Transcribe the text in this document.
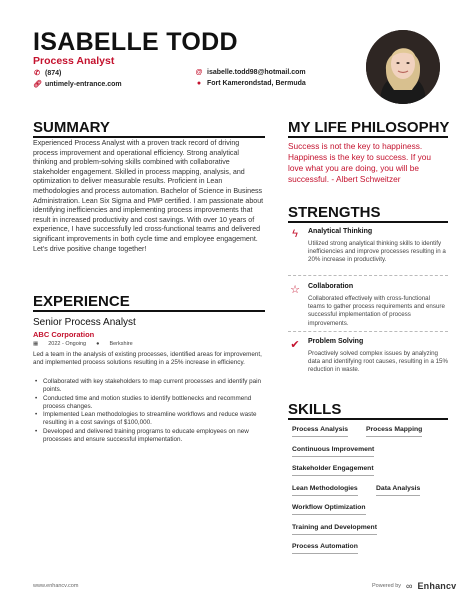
ISABELLE TODD
Process Analyst
✆ (874)	@ isabelle.todd98@hotmail.com
🔗︎ untimely-entrance.com	● Fort Kamerondstad, Bermuda
SUMMARY
Experienced Process Analyst with a proven track record of driving process improvement and operational efficiency. Strong analytical thinking and problem-solving skills combined with collaborative stakeholder engagement. Skilled in process mapping, analysis, and optimization to deliver measurable results. Proficient in Lean methodologies and process automation. Bachelor of Science in Business Administration. Lean Six Sigma and PMP certified. I am passionate about identifying inefficiencies and implementing process improvements that result in increased productivity and cost savings. With over 10 years of experience, I have successfully led cross-functional teams and delivered significant improvements in both cycle time and employee engagement. Let's drive positive change together!
MY LIFE PHILOSOPHY
Success is not the key to happiness. Happiness is the key to success. If you love what you are doing, you will be successful. - Albert Schweitzer
STRENGTHS
ϟ	Analytical Thinking
Utilized strong analytical thinking skills to identify inefficiencies and improve processes resulting in a 20% increase in productivity.
☆ Collaboration
Collaborated effectively with cross-functional teams to gather process requirements and ensure successful implementation of process improvements.
✔	Problem Solving
Proactively solved complex issues by analyzing data and identifying root causes, resulting in a 15% reduction in waste.
EXPERIENCE
Senior Process Analyst
ABC Corporation
▦ 2022 - Ongoing ● Berkshire
Led a team in the analysis of existing processes, identified areas for improvement, and implemented process solutions resulting in a 25% increase in efficiency.
• Collaborated with key stakeholders to map current processes and identify pain points.
• Conducted time and motion studies to identify bottlenecks and recommend process changes.
• Implemented Lean methodologies to streamline workflows and reduce waste resulting in a cost savings of $100,000.
• Developed and delivered training programs to educate employees on new processes and ensure successful implementation.
SKILLS
Process Analysis	Process Mapping
Continuous Improvement
Stakeholder Engagement
Lean Methodologies	Data Analysis
Workflow Optimization
Training and Development
Process Automation
www.enhancv.com	Powered by ∞ Enhancv
